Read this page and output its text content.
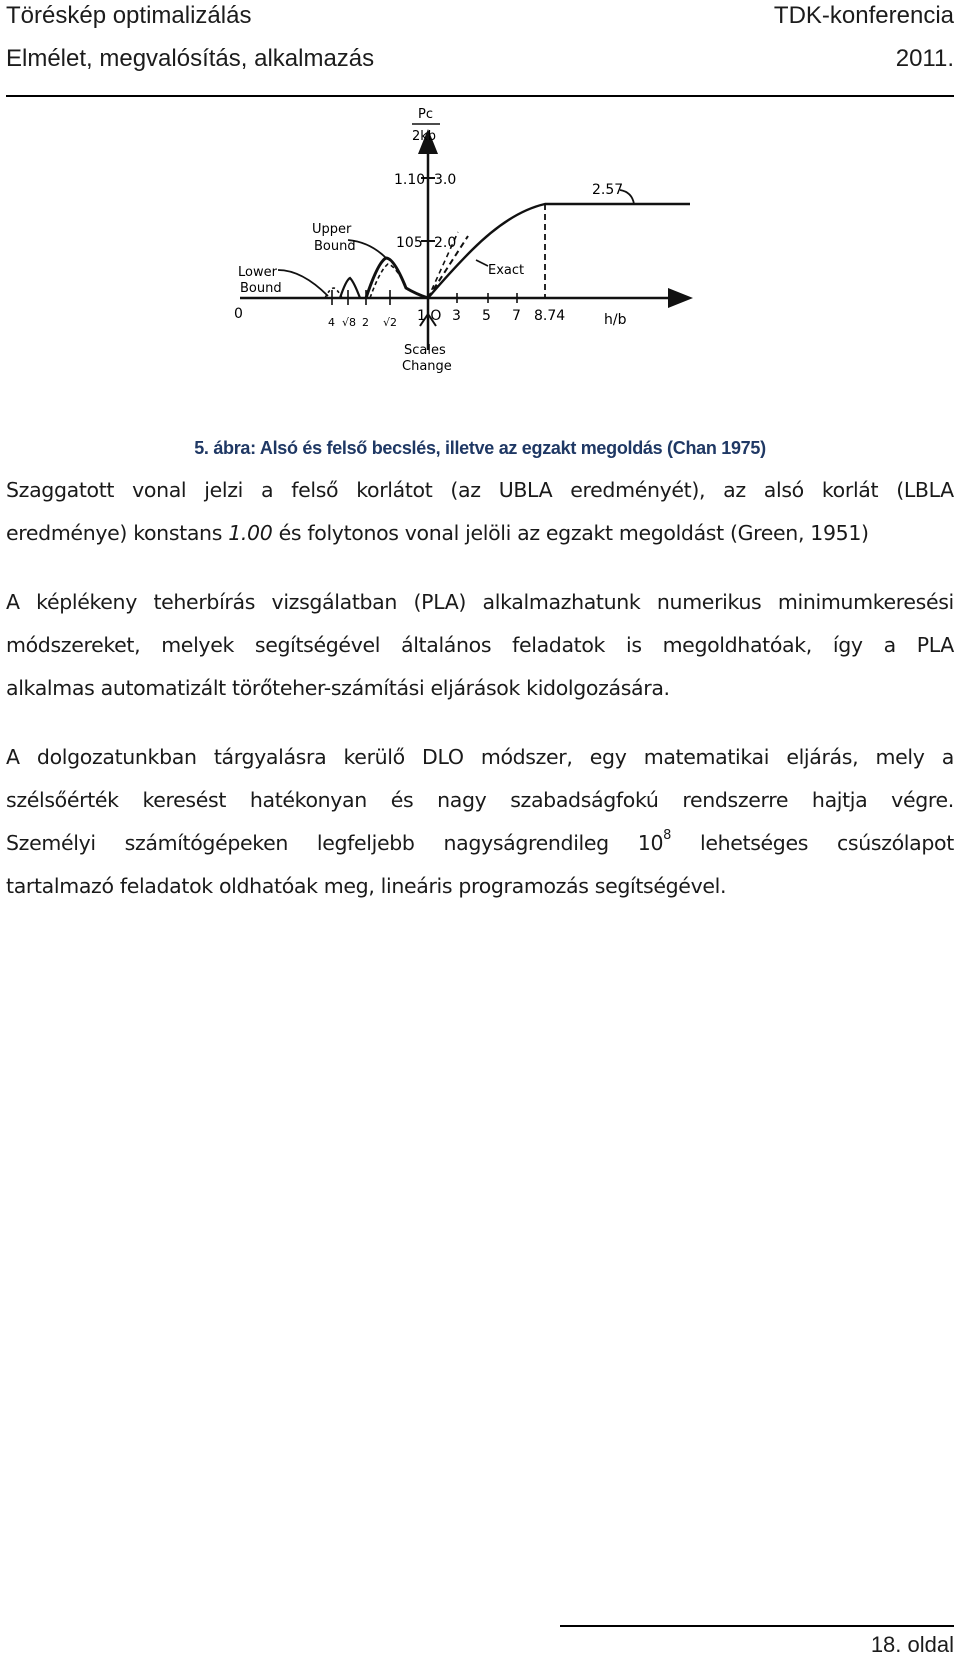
Töréskép optimalizálás	TDK-konferencia
Elmélet, megvalósítás, alkalmazás	2011.
Pc
2kb
1.10 3.0
105 2.0
2.57
Upper
Bound
Lower
Bound
Exact
0
4 √8 2 √2 1.O 3 5 7 8.74	h/b
Scales
Change
5. ábra: Alsó és felső becslés, illetve az egzakt megoldás (Chan 1975)
Szaggatott vonal jelzi a felső korlátot (az UBLA eredményét), az alsó korlát (LBLA
eredménye) konstans 1.00 és folytonos vonal jelöli az egzakt megoldást (Green, 1951)
A képlékeny teherbírás vizsgálatban (PLA) alkalmazhatunk numerikus minimumkeresési
módszereket, melyek segítségével általános feladatok is megoldhatóak, így a PLA
alkalmas automatizált törőteher-számítási eljárások kidolgozására.
A dolgozatunkban tárgyalásra kerülő DLO módszer, egy matematikai eljárás, mely a
szélsőérték keresést hatékonyan és nagy szabadságfokú rendszerre hajtja végre.
Személyi számítógépeken legfeljebb nagyságrendileg $10^8$ lehetséges csúszólapot
tartalmazó feladatok oldhatóak meg, lineáris programozás segítségével.
18. oldal
